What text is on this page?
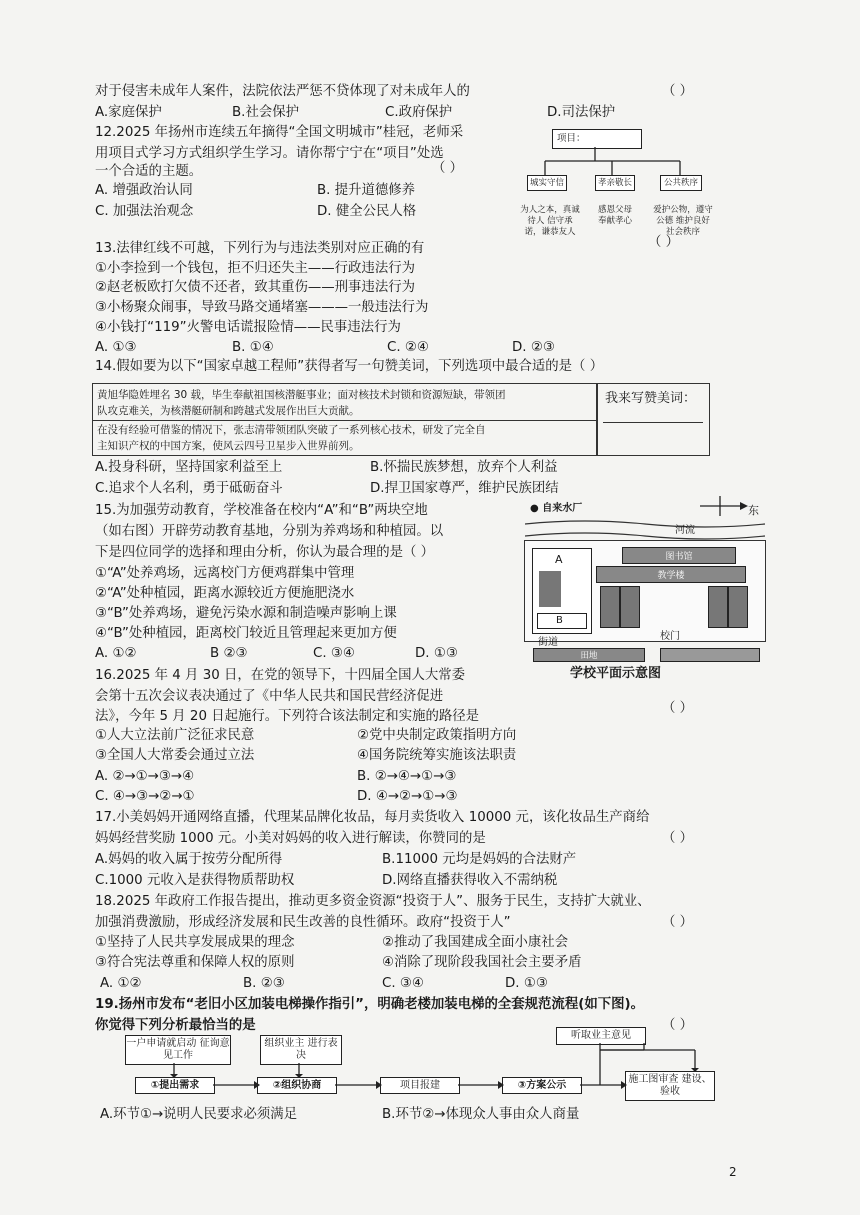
对于侵害未成年人案件，法院依法严惩不贷体现了对未成年人的	（ ）
A.家庭保护	B.社会保护	C.政府保护	D.司法保护
12.2025 年扬州市连续五年摘得“全国文明城市”桂冠，老师采
用项目式学习方式组织学生学习。请你帮宁宁在“项目”处选
一个合适的主题。	（ ）
A. 增强政治认同	B. 提升道德修养
C. 加强法治观念	D. 健全公民人格
项目：
城实守信	孝亲敬长	公共秩序
为人之本，真诚待人 信守承诺，谦恭友人
感恩父母 奉献孝心
爱护公物，遵守公德 维护良好社会秩序
13.法律红线不可越，下列行为与违法类别对应正确的有	（ ）
①小李捡到一个钱包，拒不归还失主——行政违法行为
②赵老板欧打欠债不还者，致其重伤——刑事违法行为
③小杨聚众闹事，导致马路交通堵塞———一般违法行为
④小钱打“119”火警电话谎报险情——民事违法行为
A. ①③	B. ①④	C. ②④	D. ②③
14.假如要为以下“国家卓越工程师”获得者写一句赞美词，下列选项中最合适的是（ ）
黄旭华隐姓埋名 30 载，毕生奉献祖国核潜艇事业；面对核技术封锁和资源短缺，带领团
队攻克难关，为核潜艇研制和跨越式发展作出巨大贡献。
在没有经验可借鉴的情况下，张志清带领团队突破了一系列核心技术，研发了完全自
主知识产权的中国方案，使风云四号卫星步入世界前列。
我来写赞美词：
A.投身科研，坚持国家利益至上	B.怀揣民族梦想，放弃个人利益
C.追求个人名利，勇于砥砺奋斗	D.捍卫国家尊严，维护民族团结
15.为加强劳动教育，学校准备在校内“A”和“B”两块空地
（如右图）开辟劳动教育基地，分别为养鸡场和种植园。以
下是四位同学的选择和理由分析，你认为最合理的是（ ）
①“A”处养鸡场，远离校门方便鸡群集中管理
②“A”处种植园，距离水源较近方便施肥浇水
③“B”处养鸡场，避免污染水源和制造噪声影响上课
④“B”处种植园，距离校门较近且管理起来更加方便
A. ①②	B ②③	C. ③④	D. ①③
● 自来水厂	东
河流
图书馆
教学楼
A
B
街道
校门
田地
学校平面示意图
16.2025 年 4 月 30 日，在党的领导下，十四届全国人大常委
会第十五次会议表决通过了《中华人民共和国民营经济促进
法》，今年 5 月 20 日起施行。下列符合该法制定和实施的路径是
（ ）
①人大立法前广泛征求民意	②党中央制定政策指明方向
③全国人大常委会通过立法	④国务院统筹实施该法职责
A. ②→①→③→④	B. ②→④→①→③
C. ④→③→②→①	D. ④→②→①→③
17.小美妈妈开通网络直播，代理某品牌化妆品，每月卖货收入 10000 元，该化妆品生产商给
妈妈经营奖励 1000 元。小美对妈妈的收入进行解读，你赞同的是	（ ）
A.妈妈的收入属于按劳分配所得	B.11000 元均是妈妈的合法财产
C.1000 元收入是获得物质帮助权	D.网络直播获得收入不需纳税
18.2025 年政府工作报告提出，推动更多资金资源“投资于人”、服务于民生，支持扩大就业、
加强消费激励，形成经济发展和民生改善的良性循环。政府“投资于人”	（ ）
①坚持了人民共享发展成果的理念	②推动了我国建成全面小康社会
③符合宪法尊重和保障人权的原则	④消除了现阶段我国社会主要矛盾
A. ①②	B. ②③	C. ③④	D. ①③
19.扬州市发布“老旧小区加装电梯操作指引”，明确老楼加装电梯的全套规范流程(如下图)。
你觉得下列分析最恰当的是	（ ）
一户申请就启动 征询意见工作
组织业主 进行表决
听取业主意见
①提出需求	②组织协商	项目报建	③方案公示	施工图审查 建设、验收
A.环节①→说明人民要求必须满足	B.环节②→体现众人事由众人商量
2
